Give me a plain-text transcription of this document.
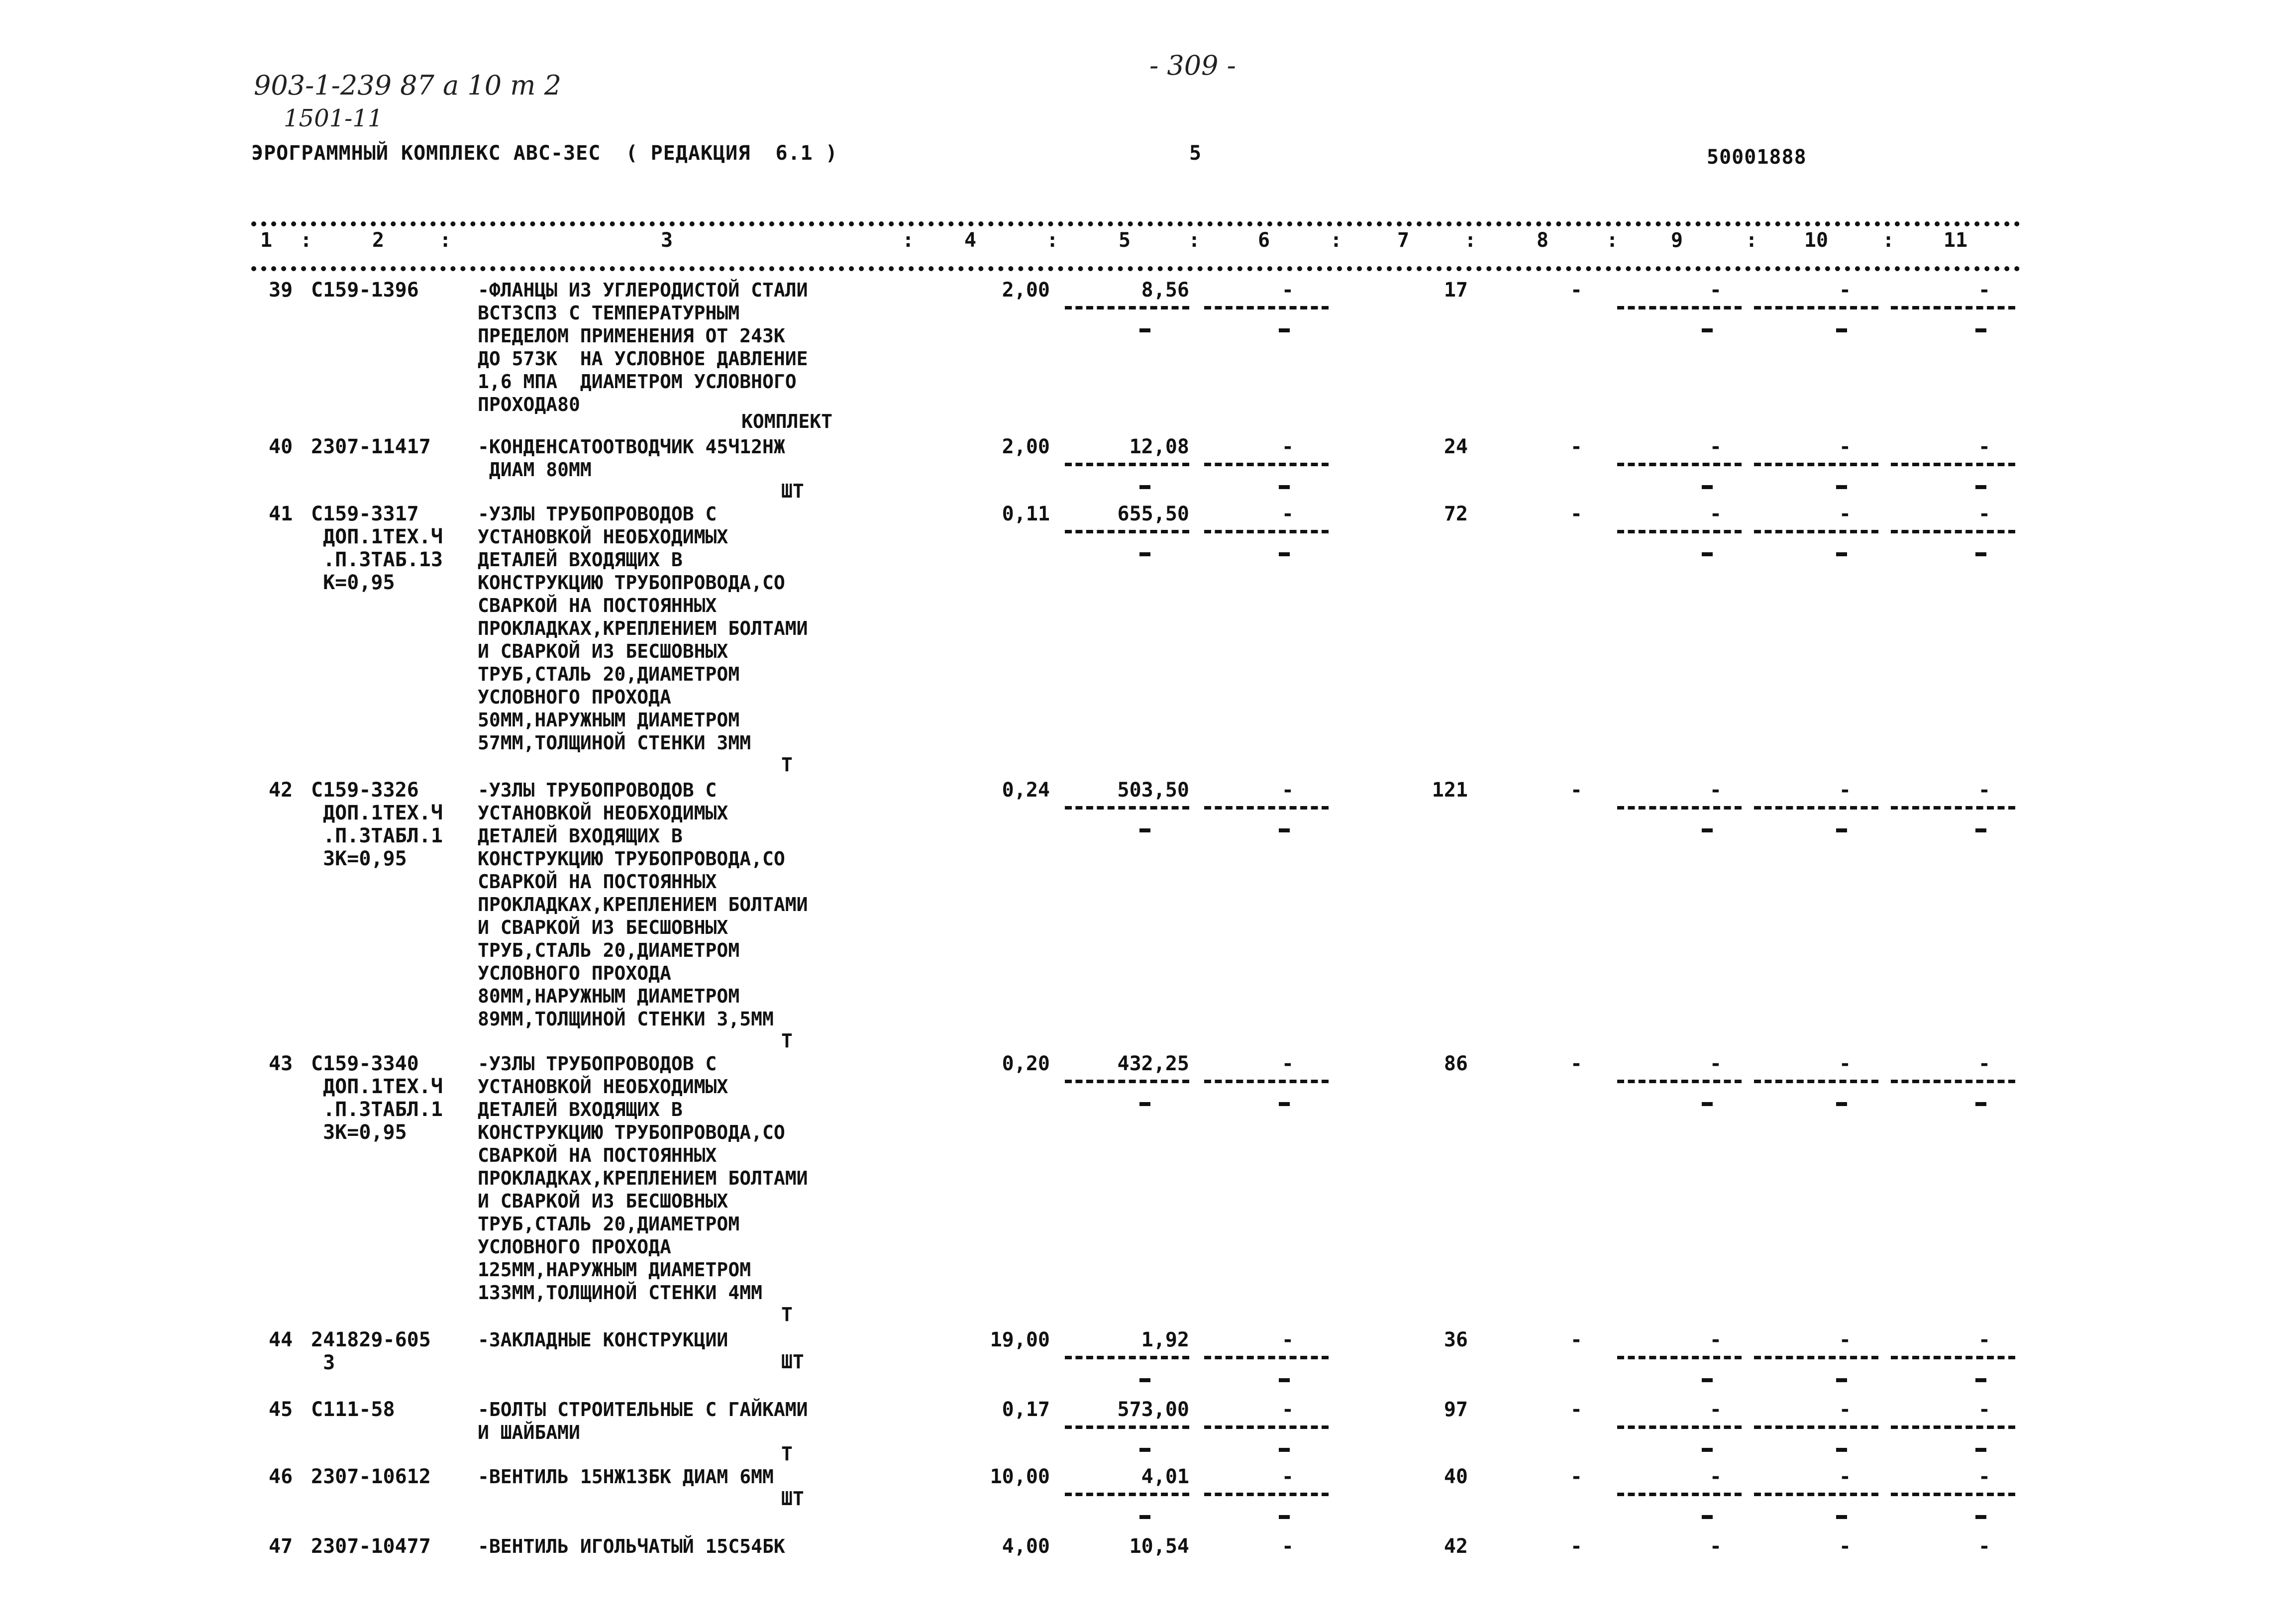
903-1-239 87 а 10 т 2
1501-11
- 309 -
ЭРОГРАММНЫЙ КОМПЛЕКС АВС-3ЕС  ( РЕДАКЦИЯ  6.1 )	5	50001888
1	:	2	:	3	:	4	:	5	:	6	:	7	:	8	:	9	:	10	:	11
39 С159-1396	-ФЛАНЦЫ ИЗ УГЛЕРОДИСТОЙ СТАЛИ
ВСТ3СП3 С ТЕМПЕРАТУРНЫМ
ПРЕДЕЛОМ ПРИМЕНЕНИЯ ОТ 243К
ДО 573К  НА УСЛОВНОЕ ДАВЛЕНИЕ
1,6 МПА  ДИАМЕТРОМ УСЛОВНОГО
ПРОХОДА80
КОМПЛЕКТ
2,00	8,56	-	17	-	-	-	-
40 2307-11417	-КОНДЕНСАТООТВОДЧИК 45Ч12НЖ
ДИАМ 80ММ
ШТ
2,00	12,08	-	24	-	-	-	-
41 С159-3317
ДОП.1ТЕХ.Ч
.П.3ТАБ.13
К=0,95
-УЗЛЫ ТРУБОПРОВОДОВ С
УСТАНОВКОЙ НЕОБХОДИМЫХ
ДЕТАЛЕЙ ВХОДЯЩИХ В
КОНСТРУКЦИЮ ТРУБОПРОВОДА,СО
СВАРКОЙ НА ПОСТОЯННЫХ
ПРОКЛАДКАХ,КРЕПЛЕНИЕМ БОЛТАМИ
И СВАРКОЙ ИЗ БЕСШОВНЫХ
ТРУБ,СТАЛЬ 20,ДИАМЕТРОМ
УСЛОВНОГО ПРОХОДА
50ММ,НАРУЖНЫМ ДИАМЕТРОМ
57ММ,ТОЛЩИНОЙ СТЕНКИ 3ММ
Т
0,11	655,50	-	72	-	-	-	-
42 С159-3326
ДОП.1ТЕХ.Ч
.П.3ТАБЛ.1
3К=0,95
-УЗЛЫ ТРУБОПРОВОДОВ С
УСТАНОВКОЙ НЕОБХОДИМЫХ
ДЕТАЛЕЙ ВХОДЯЩИХ В
КОНСТРУКЦИЮ ТРУБОПРОВОДА,СО
СВАРКОЙ НА ПОСТОЯННЫХ
ПРОКЛАДКАХ,КРЕПЛЕНИЕМ БОЛТАМИ
И СВАРКОЙ ИЗ БЕСШОВНЫХ
ТРУБ,СТАЛЬ 20,ДИАМЕТРОМ
УСЛОВНОГО ПРОХОДА
80ММ,НАРУЖНЫМ ДИАМЕТРОМ
89ММ,ТОЛЩИНОЙ СТЕНКИ 3,5ММ
Т
0,24	503,50	-	121	-	-	-	-
43 С159-3340
ДОП.1ТЕХ.Ч
.П.3ТАБЛ.1
3К=0,95
-УЗЛЫ ТРУБОПРОВОДОВ С
УСТАНОВКОЙ НЕОБХОДИМЫХ
ДЕТАЛЕЙ ВХОДЯЩИХ В
КОНСТРУКЦИЮ ТРУБОПРОВОДА,СО
СВАРКОЙ НА ПОСТОЯННЫХ
ПРОКЛАДКАХ,КРЕПЛЕНИЕМ БОЛТАМИ
И СВАРКОЙ ИЗ БЕСШОВНЫХ
ТРУБ,СТАЛЬ 20,ДИАМЕТРОМ
УСЛОВНОГО ПРОХОДА
125ММ,НАРУЖНЫМ ДИАМЕТРОМ
133ММ,ТОЛЩИНОЙ СТЕНКИ 4ММ
Т
0,20	432,25	-	86	-	-	-	-
44 241829-605
3
-ЗАКЛАДНЫЕ КОНСТРУКЦИИ
ШТ
19,00	1,92	-	36	-	-	-	-
45 С111-58	-БОЛТЫ СТРОИТЕЛЬНЫЕ С ГАЙКАМИ
И ШАЙБАМИ
Т
0,17	573,00	-	97	-	-	-	-
46 2307-10612	-ВЕНТИЛЬ 15НЖ13БК ДИАМ 6ММ
ШТ
10,00	4,01	-	40	-	-	-	-
47 2307-10477	-ВЕНТИЛЬ ИГОЛЬЧАТЫЙ 15С54БК	4,00	10,54	-	42	-	-	-	-
